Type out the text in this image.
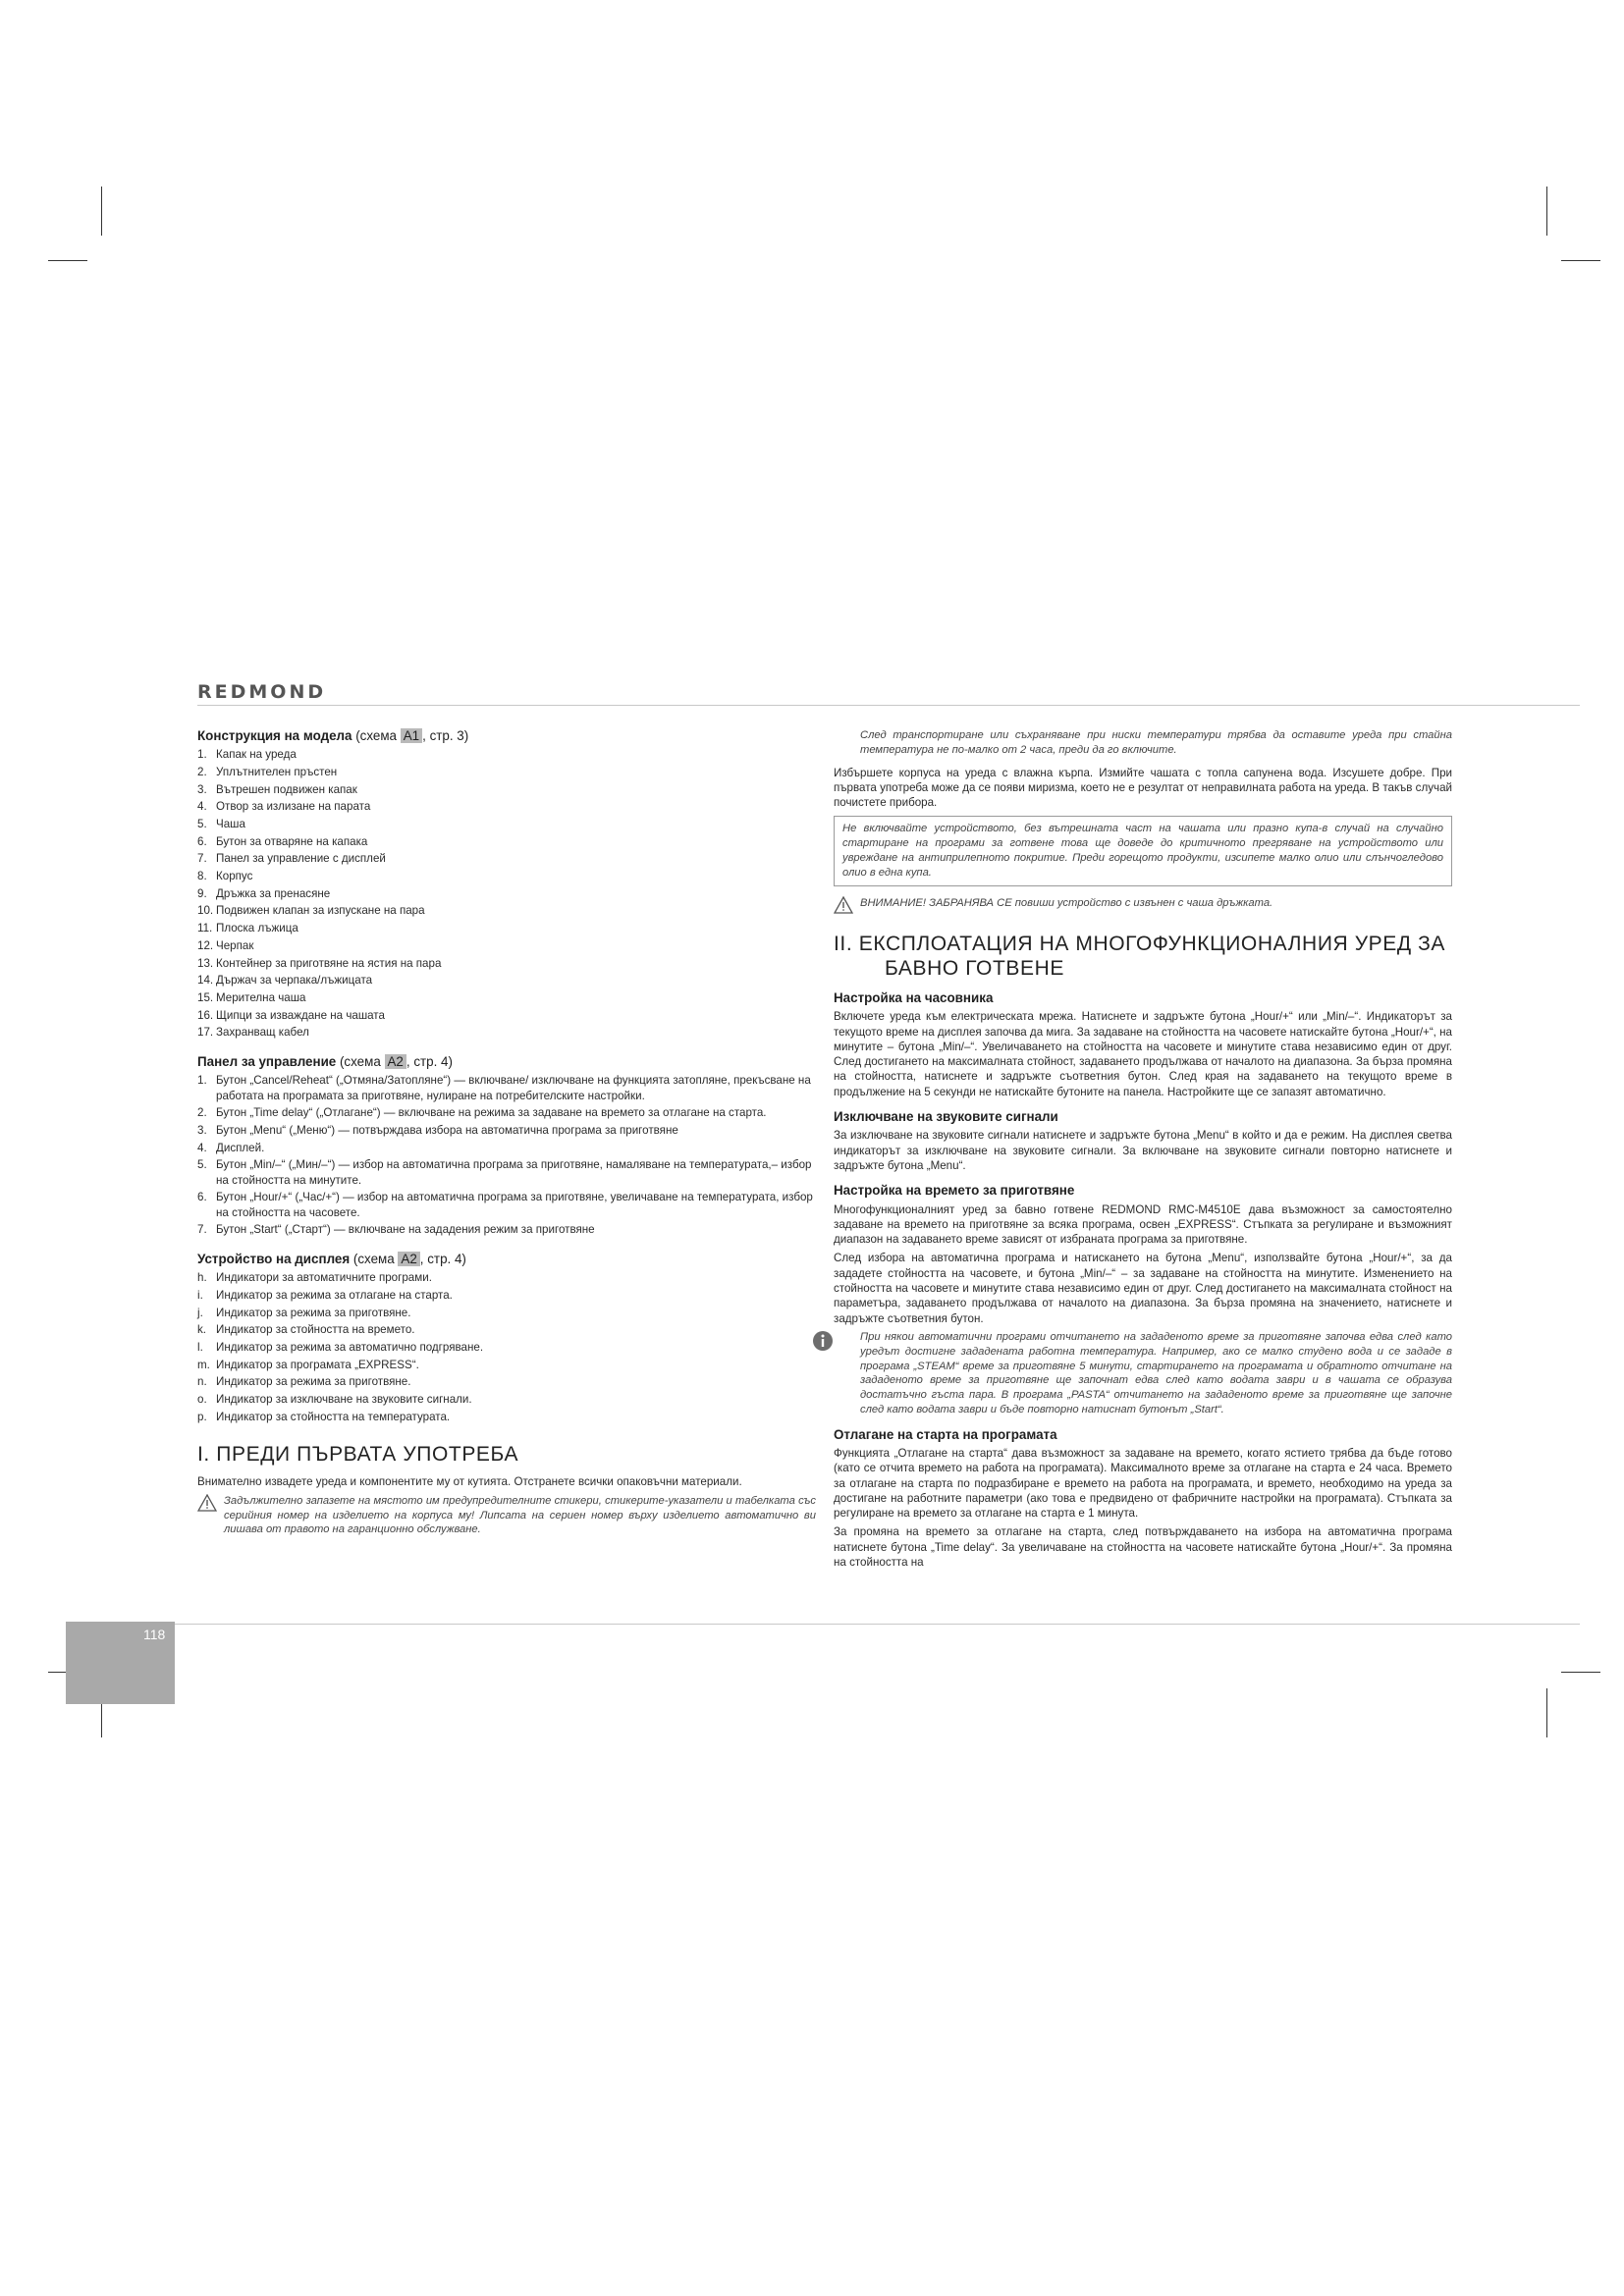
REDMOND
118
Конструкция на модела (схема A1 , стр. 3)
1. Капак на уреда
2. Уплътнителен пръстен
3. Вътрешен подвижен капак
4. Отвор за излизане на парата
5. Чаша
6. Бутон за отваряне на капака
7. Панел за управление с дисплей
8. Корпус
9. Дръжка за пренасяне
10. Подвижен клапан за изпускане на пара
11. Плоска лъжица
12. Черпак
13. Контейнер за приготвяне на ястия на пара
14. Държач за черпака/лъжицата
15. Мерителна чаша
16. Щипци за изваждане на чашата
17. Захранващ кабел
Панел за управление (схема A2 , стр. 4)
1. Бутон „Cancel/Reheat“ („Отмяна/Затопляне“) — включване/ изключване на функцията затопляне, прекъсване на работата на програмата за приготвяне, нулиране на потребителските настройки.
2. Бутон „Time delay“ („Отлагане“) — включване на режима за задаване на времето за отлагане на старта.
3. Бутон „Menu“ („Меню“) — потвърждава избора на автоматична програма за приготвяне
4. Дисплей.
5. Бутон „Min/–“ („Мин/–“) — избор на автоматична програма за приготвяне, намаляване на температурата,– избор на стойността на минутите.
6. Бутон „Hour/+“ („Час/+“) — избор на автоматична програма за приготвяне, увеличаване на температурата, избор на стойността на часовете.
7. Бутон „Start“ („Старт“) — включване на зададения режим за приготвяне
Устройство на дисплея (схема A2 , стр. 4)
h. Индикатори за автоматичните програми.
i.	Индикатор за режима за отлагане на старта.
j.	Индикатор за режима за приготвяне.
k. Индикатор за стойността на времето.
l.	Индикатор за режима за автоматично подгряване.
m. Индикатор за програмата „EXPRESS“.
n. Индикатор за режима за приготвяне.
o. Индикатор за изключване на звуковите сигнали.
p. Индикатор за стойността на температурата.
I. ПРЕДИ ПЪРВАТА УПОТРЕБА
Внимателно извадете уреда и компонентите му от кутията. Отстранете всички опаковъчни материали.
Задължително запазете на мястото им предупредителните стикери, стикерите-указатели и табелката със серийния номер на изделието на корпуса му! Липсата на сериен номер върху изделието автоматично ви лишава от правото на гаранционно обслужване.
След транспортиране или съхраняване при ниски температури трябва да оставите уреда при стайна температура не по-малко от 2 часа, преди да го включите.
Избършете корпуса на уреда с влажна кърпа. Измийте чашата с топла сапунена вода. Изсушете добре. При първата употреба може да се появи миризма, което не е резултат от неправилната работа на уреда. В такъв случай почистете прибора.
Не включвайте устройството, без вътрешната част на чашата или празно купа-в случай на случайно стартиране на програми за готвене това ще доведе до критичното прегряване на устройството или увреждане на антиприлепното покритие. Преди горещото продукти, изсипете малко олио или слънчогледово олио в една купа.
ВНИМАНИЕ! ЗАБРАНЯВА СЕ повиши устройство с извънен с чаша дръжката.
II. ЕКСПЛОАТАЦИЯ НА МНОГОФУНКЦИОНАЛНИЯ УРЕД ЗА
БАВНО ГОТВЕНЕ
Настройка на часовника
Включете уреда към електрическата мрежа. Натиснете и задръжте бутона „Hour/+“ или „Min/–“. Индикаторът за текущото време на дисплея започва да мига. За задаване на стойността на часовете натискайте бутона „Hour/+“, на минутите – бутона „Min/–“. Увеличаването на стойността на часовете и минутите става независимо един от друг. След достигането на максималната стойност, задаването продължава от началото на диапазона. За бърза промяна на стойността, натиснете и задръжте съответния бутон. След края на задаването на текущото време в продължение на 5 секунди не натискайте бутоните на панела. Настройките ще се запазят автоматично.
Изключване на звуковите сигнали
За изключване на звуковите сигнали натиснете и задръжте бутона „Menu“ в който и да е режим. На дисплея светва индикаторът за изключване на звуковите сигнали. За включване на звуковите сигнали повторно натиснете и задръжте бутона „Menu“.
Настройка на времето за приготвяне
Многофункционалният уред за бавно готвене REDMOND RMC-M4510E дава възможност за самостоятелно задаване на времето на приготвяне за всяка програма, освен „EXPRESS“. Стъпката за регулиране и възможният диапазон на задаването време зависят от избраната програма за приготвяне.
След избора на автоматична програма и натискането на бутона „Menu“, използвайте бутона „Hour/+“, за да зададете стойността на часовете, и бутона „Min/–“ – за задаване на стойността на минутите. Изменението на стойността на часовете и минутите става независимо един от друг. След достигането на максималната стойност на параметъра, задаването продължава от началото на диапазона. За бърза промяна на значението, натиснете и задръжте съответния бутон.
При някои автоматични програми отчитането на зададеното време за приготвяне започва едва след като уредът достигне зададената работна температура. Например, ако се малко студено вода и се зададе в програма „STEAM“ време за приготвяне 5 минути, стартирането на програмата и обратното отчитане на зададеното време за приготвяне ще започнат едва след като водата заври и в чашата се образува достатъчно гъста пара. В програма „PASTA“ отчитането на зададеното време за приготвяне ще започне след като водата заври и бъде повторно натиснат бутонът „Start“.
Отлагане на старта на програмата
Функцията „Отлагане на старта“ дава възможност за задаване на времето, когато ястието трябва да бъде готово (като се отчита времето на работа на програмата). Максималното време за отлагане на старта е 24 часа. Времето за отлагане на старта по подразбиране е времето на работа на програмата, и времето, необходимо на уреда за достигане на работните параметри (ако това е предвидено от фабричните настройки на програмата). Стъпката за регулиране на времето за отлагане на старта е 1 минута.
За промяна на времето за отлагане на старта, след потвърждаването на избора на автоматична програма натиснете бутона „Time delay“. За увеличаване на стойността на часовете натискайте бутона „Hour/+“. За промяна на стойността на
